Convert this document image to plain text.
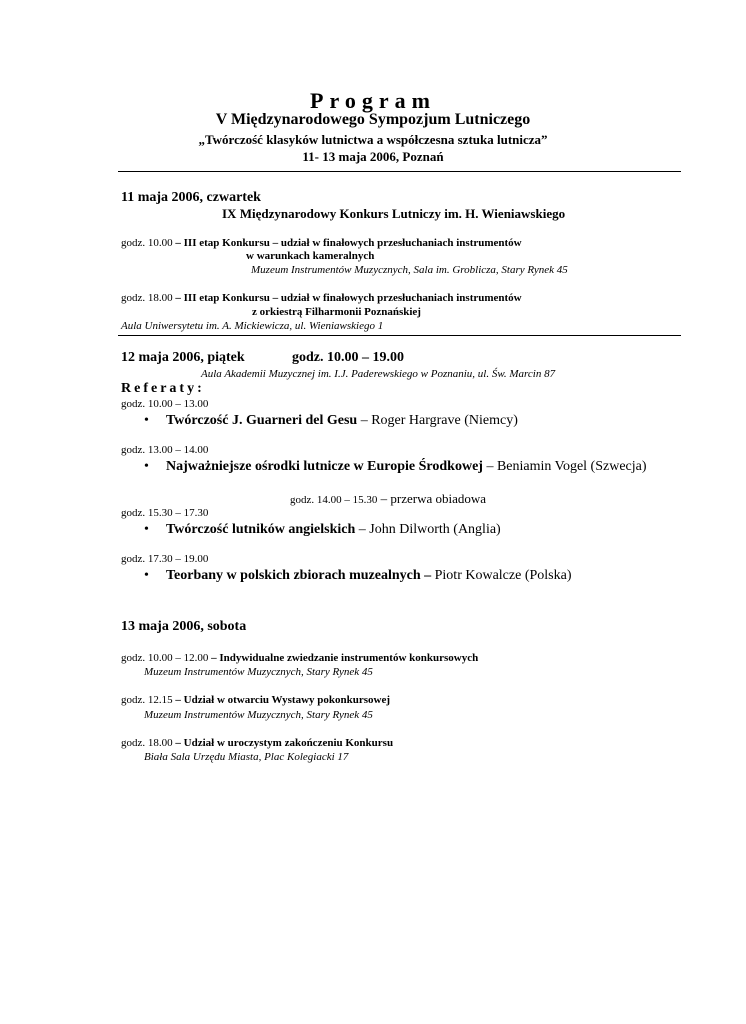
Program
V Międzynarodowego Sympozjum Lutniczego
„Twórczość klasyków lutnictwa a współczesna sztuka lutnicza”
11- 13 maja 2006, Poznań
11 maja 2006, czwartek
IX Międzynarodowy Konkurs Lutniczy im. H. Wieniawskiego
godz. 10.00 – III etap Konkursu – udział w finałowych przesłuchaniach instrumentów
w warunkach kameralnych
Muzeum Instrumentów Muzycznych, Sala im. Groblicza, Stary Rynek 45
godz. 18.00 – III etap Konkursu – udział w finałowych przesłuchaniach instrumentów
z orkiestrą Filharmonii Poznańskiej
Aula Uniwersytetu im. A. Mickiewicza, ul. Wieniawskiego 1
12 maja 2006, piątek	godz. 10.00 – 19.00
Aula Akademii Muzycznej im. I.J. Paderewskiego w Poznaniu, ul. Św. Marcin 87
Referaty:
godz. 10.00 – 13.00
• Twórczość J. Guarneri del Gesu – Roger Hargrave (Niemcy)
godz. 13.00 – 14.00
• Najważniejsze ośrodki lutnicze w Europie Środkowej – Beniamin Vogel (Szwecja)
godz. 14.00 – 15.30 – przerwa obiadowa
godz. 15.30 – 17.30
• Twórczość lutników angielskich – John Dilworth (Anglia)
godz. 17.30 – 19.00
• Teorbany w polskich zbiorach muzealnych – Piotr Kowalcze (Polska)
13 maja 2006, sobota
godz. 10.00 – 12.00 – Indywidualne zwiedzanie instrumentów konkursowych
Muzeum Instrumentów Muzycznych, Stary Rynek 45
godz. 12.15 – Udział w otwarciu Wystawy pokonkursowej
Muzeum Instrumentów Muzycznych, Stary Rynek 45
godz. 18.00 – Udział w uroczystym zakończeniu Konkursu
Biała Sala Urzędu Miasta, Plac Kolegiacki 17
